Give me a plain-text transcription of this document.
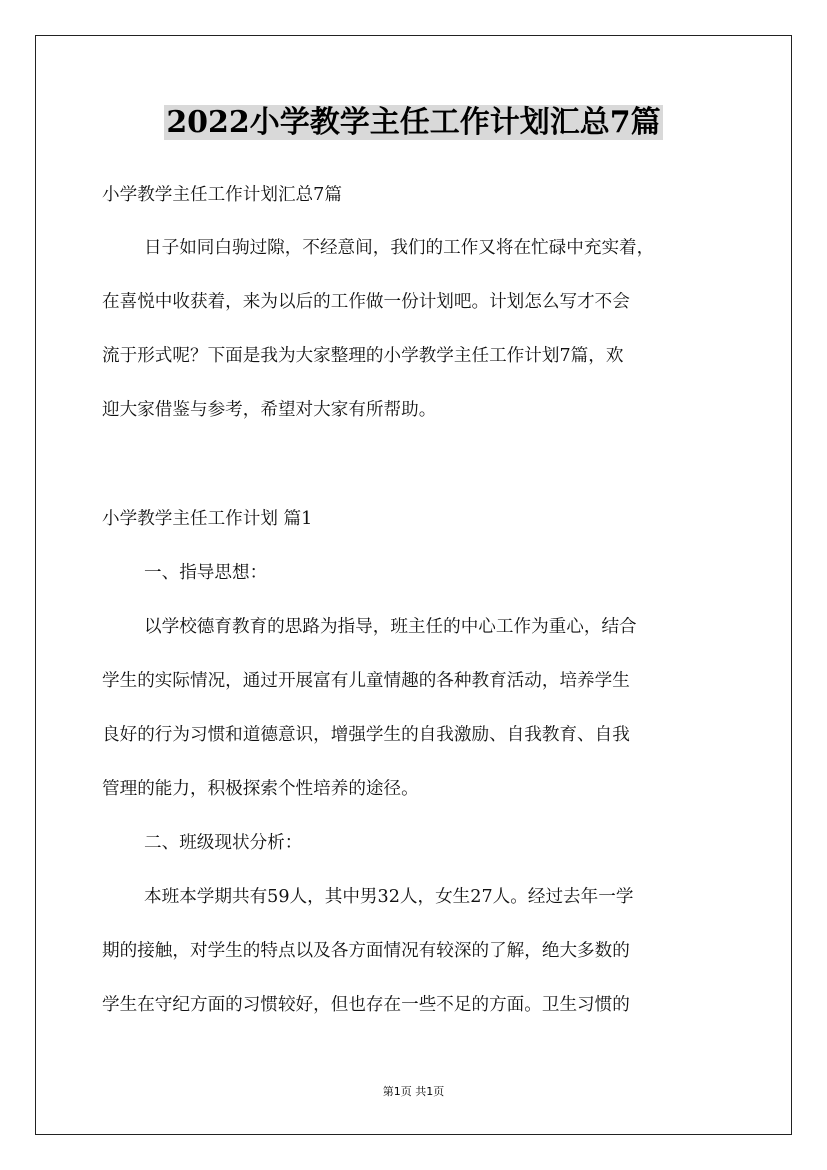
2022小学教学主任工作计划汇总7篇
小学教学主任工作计划汇总7篇
日子如同白驹过隙，不经意间，我们的工作又将在忙碌中充实着，
在喜悦中收获着，来为以后的工作做一份计划吧。计划怎么写才不会
流于形式呢？下面是我为大家整理的小学教学主任工作计划7篇，欢
迎大家借鉴与参考，希望对大家有所帮助。
小学教学主任工作计划 篇1
一、指导思想：
以学校德育教育的思路为指导，班主任的中心工作为重心，结合
学生的实际情况，通过开展富有儿童情趣的各种教育活动，培养学生
良好的行为习惯和道德意识，增强学生的自我激励、自我教育、自我
管理的能力，积极探索个性培养的途径。
二、班级现状分析：
本班本学期共有59人，其中男32人，女生27人。经过去年一学
期的接触，对学生的特点以及各方面情况有较深的了解，绝大多数的
学生在守纪方面的习惯较好，但也存在一些不足的方面。卫生习惯的
第1页 共1页
